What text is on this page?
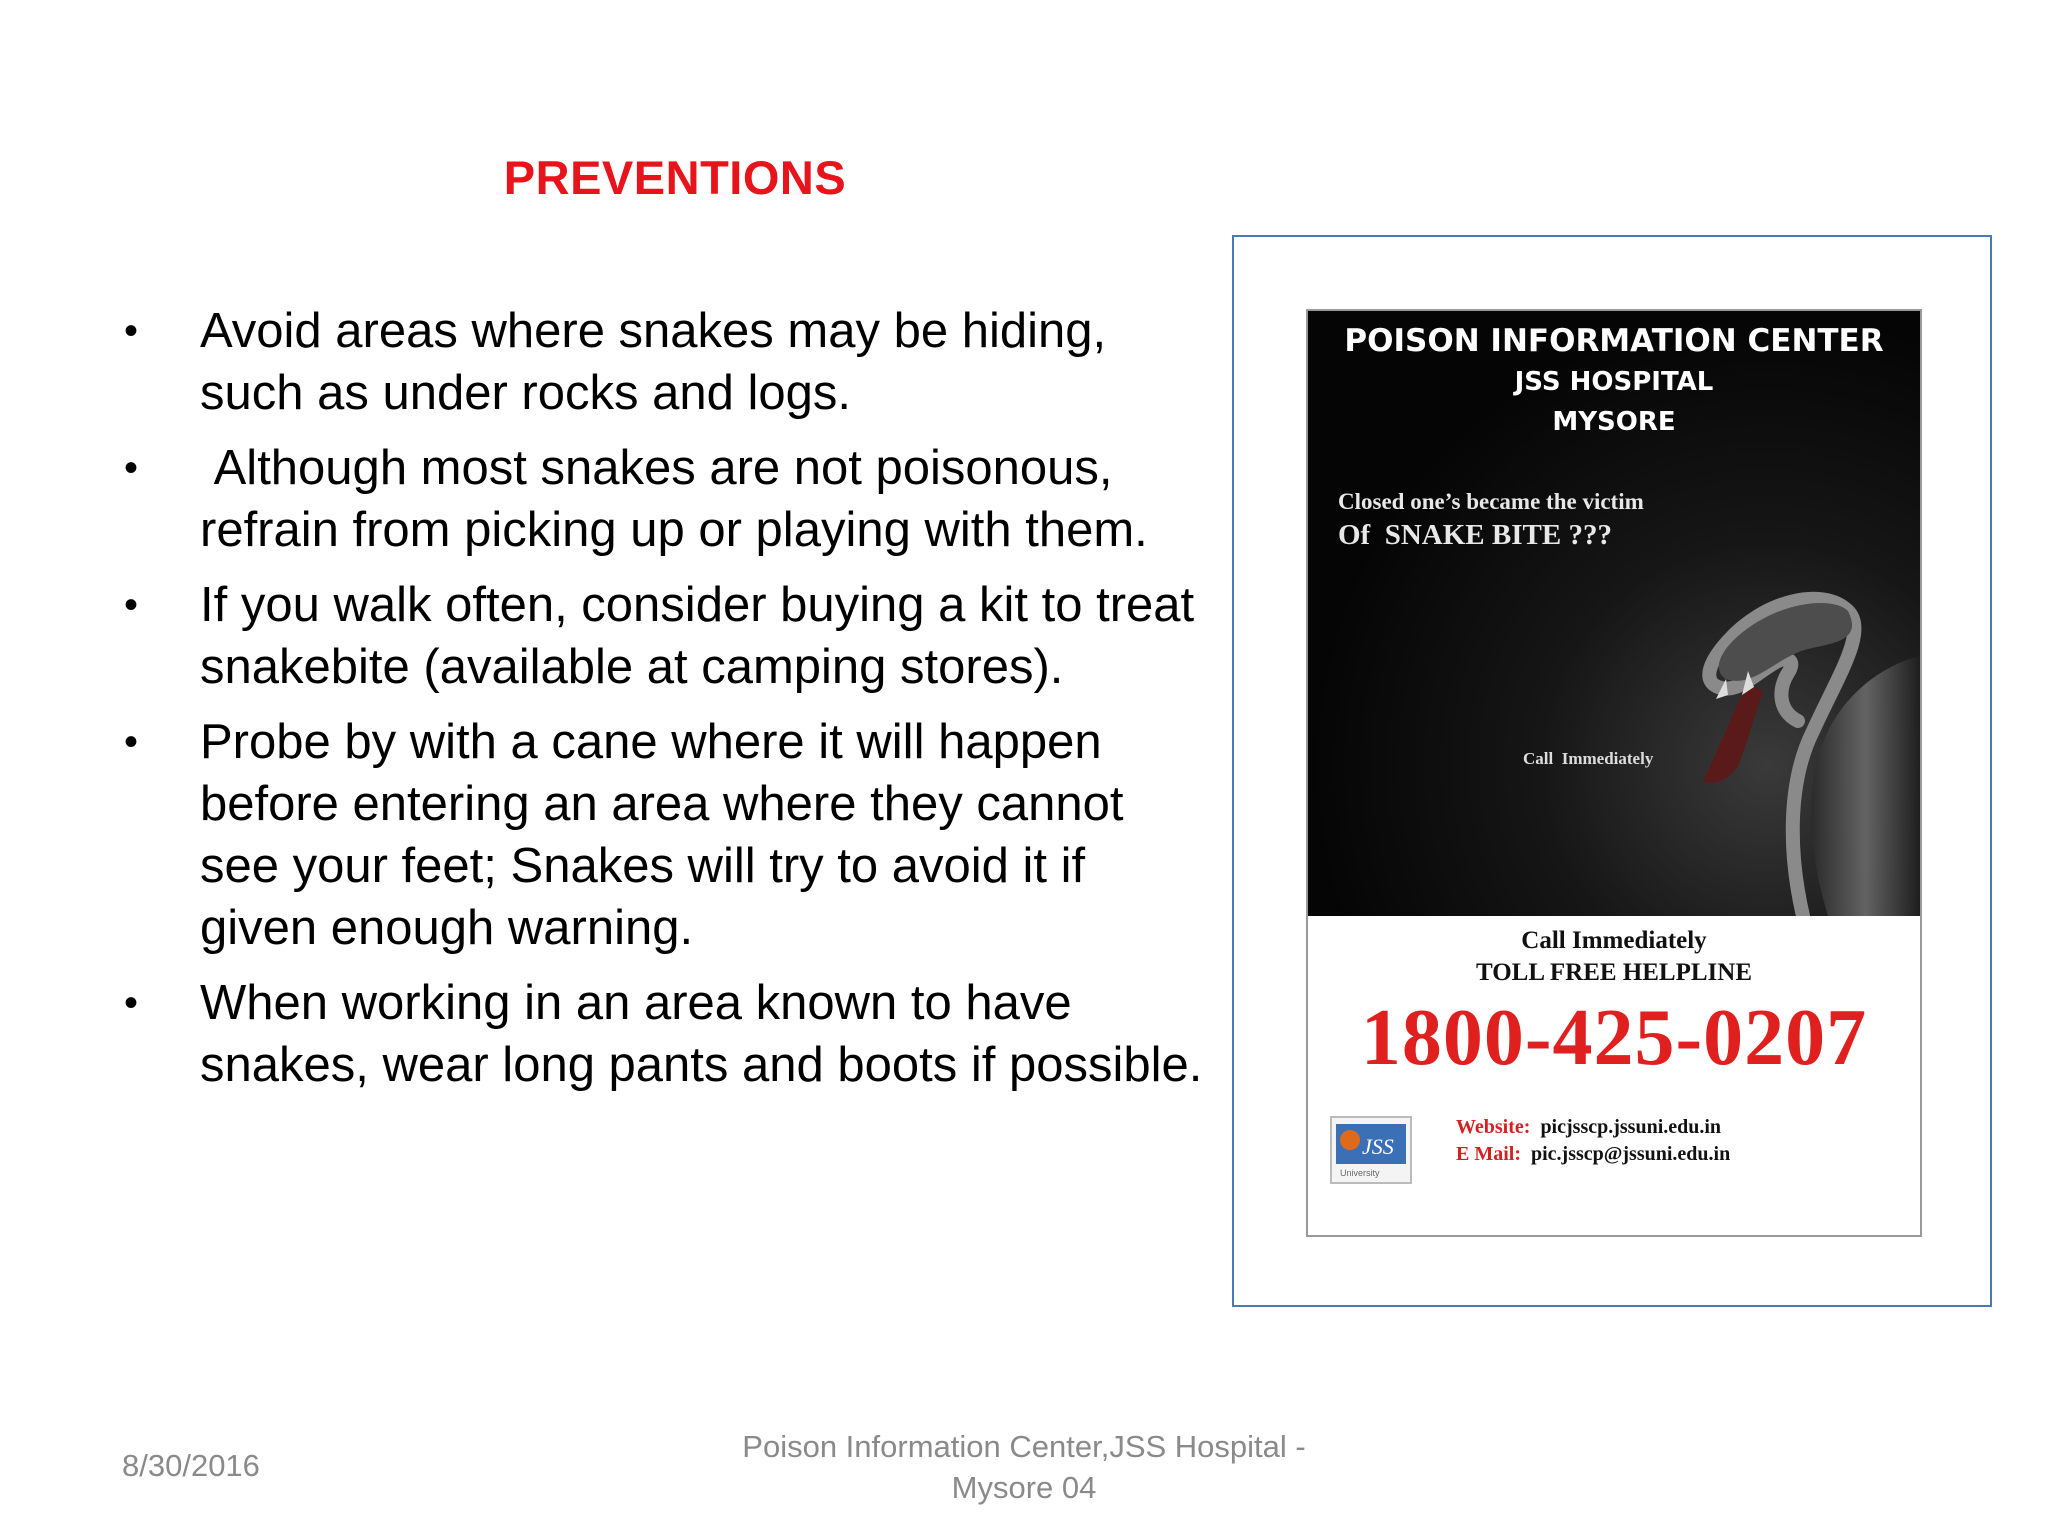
PREVENTIONS
• Avoid areas where snakes may be hiding, such as under rocks and logs.
• Although most snakes are not poisonous, refrain from picking up or playing with them.
• If you walk often, consider buying a kit to treat snakebite (available at camping stores).
• Probe by with a cane where it will happen before entering an area where they cannot see your feet; Snakes will try to avoid it if given enough warning.
• When working in an area known to have snakes, wear long pants and boots if possible.
POISON INFORMATION CENTER
JSS HOSPITAL
MYSORE
Closed one’s became the victim
Of  SNAKE BITE ???
Call  Immediately
Call Immediately
TOLL FREE HELPLINE
1800-425-0207
JSS
University
Website: picjsscp.jssuni.edu.in
E Mail: pic.jsscp@jssuni.edu.in
8/30/2016
Poison Information Center,JSS Hospital -
Mysore 04
